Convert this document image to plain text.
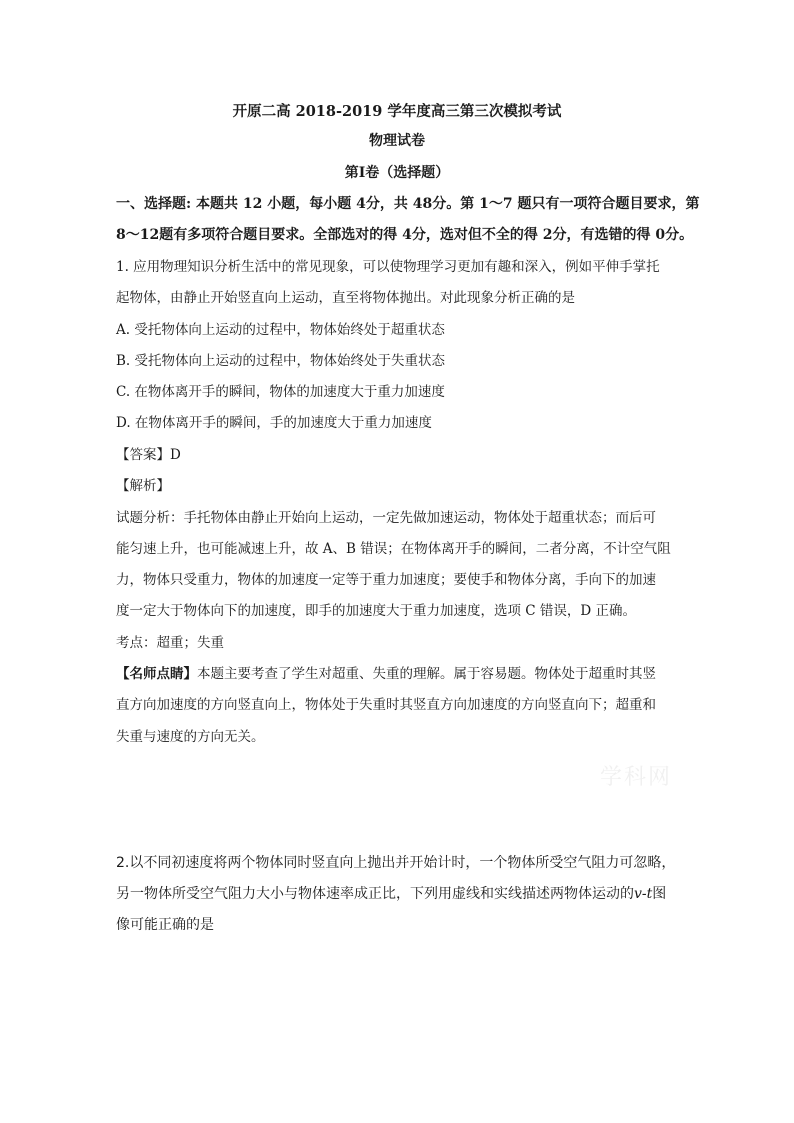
开原二高 2018-2019 学年度高三第三次模拟考试
物理试卷
第Ⅰ卷（选择题）
一、选择题: 本题共 12 小题，每小题 4分，共 48分。第 1～7 题只有一项符合题目要求，第
8～12题有多项符合题目要求。全部选对的得 4分，选对但不全的得 2分，有选错的得 0分。
1. 应用物理知识分析生活中的常见现象，可以使物理学习更加有趣和深入，例如平伸手掌托
起物体，由静止开始竖直向上运动，直至将物体抛出。对此现象分析正确的是
A. 受托物体向上运动的过程中，物体始终处于超重状态
B. 受托物体向上运动的过程中，物体始终处于失重状态
C. 在物体离开手的瞬间，物体的加速度大于重力加速度
D. 在物体离开手的瞬间，手的加速度大于重力加速度
【答案】D
【解析】
试题分析：手托物体由静止开始向上运动，一定先做加速运动，物体处于超重状态；而后可
能匀速上升，也可能减速上升，故 A、B 错误；在物体离开手的瞬间，二者分离，不计空气阻
力，物体只受重力，物体的加速度一定等于重力加速度；要使手和物体分离，手向下的加速
度一定大于物体向下的加速度，即手的加速度大于重力加速度，选项 C 错误，D 正确。
考点：超重；失重
【名师点睛】本题主要考查了学生对超重、失重的理解。属于容易题。物体处于超重时其竖
直方向加速度的方向竖直向上，物体处于失重时其竖直方向加速度的方向竖直向下；超重和
失重与速度的方向无关。
学科网
2.以不同初速度将两个物体同时竖直向上抛出并开始计时，一个物体所受空气阻力可忽略，
另一物体所受空气阻力大小与物体速率成正比，下列用虚线和实线描述两物体运动的v-t图
像可能正确的是
